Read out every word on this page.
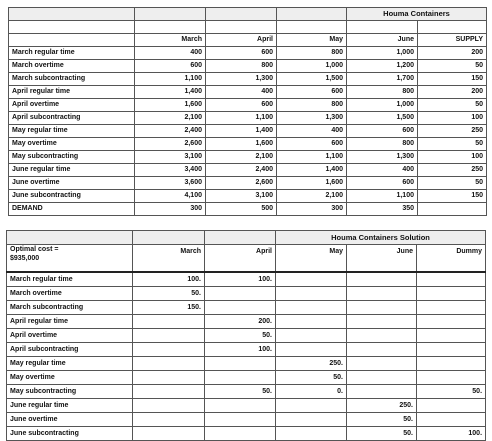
				Houma Containers	

	March	April	May	June	SUPPLY
March regular time	400	600	800	1,000	200
March overtime	600	800	1,000	1,200	50
March subcontracting	1,100	1,300	1,500	1,700	150
April regular time	1,400	400	600	800	200
April overtime	1,600	600	800	1,000	50
April subcontracting	2,100	1,100	1,300	1,500	100
May regular time	2,400	1,400	400	600	250
May overtime	2,600	1,600	600	800	50
May subcontracting	3,100	2,100	1,100	1,300	100
June regular time	3,400	2,400	1,400	400	250
June overtime	3,600	2,600	1,600	600	50
June subcontracting	4,100	3,100	2,100	1,100	150
DEMAND	300	500	300	350	
			Houma Containers Solution		
Optimal cost =
$935,000	March	April	May	June	Dummy
March regular time	100.	100.			
March overtime	50.				
March subcontracting	150.				
April regular time		200.			
April overtime		50.			
April subcontracting		100.			
May regular time			250.		
May overtime			50.		
May subcontracting		50.	0.		50.
June regular time				250.	
June overtime				50.	
June subcontracting				50.	100.
